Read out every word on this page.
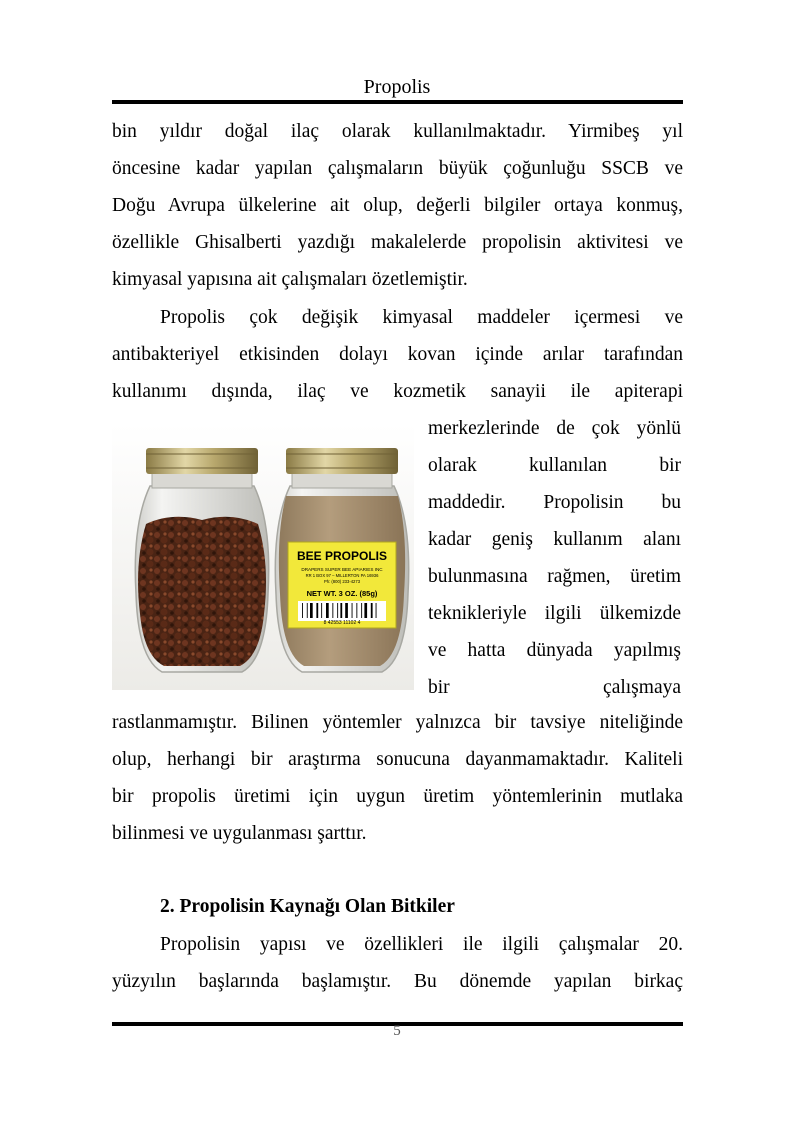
Propolis
bin yıldır doğal ilaç olarak kullanılmaktadır. Yirmibeş yıl
öncesine kadar yapılan çalışmaların büyük çoğunluğu SSCB ve
Doğu Avrupa ülkelerine ait olup, değerli bilgiler ortaya konmuş,
özellikle Ghisalberti yazdığı makalelerde propolisin aktivitesi ve
kimyasal yapısına ait çalışmaları özetlemiştir.
Propolis çok değişik kimyasal maddeler içermesi ve
antibakteriyel etkisinden dolayı kovan içinde arılar tarafından
kullanımı dışında, ilaç ve kozmetik sanayii ile apiterapi
merkezlerinde de çok yönlü
olarak kullanılan bir
maddedir. Propolisin bu
kadar geniş kullanım alanı
bulunmasına rağmen, üretim
teknikleriyle ilgili ülkemizde
ve hatta dünyada yapılmış
bir çalışmaya
rastlanmamıştır. Bilinen yöntemler yalnızca bir tavsiye niteliğinde
olup, herhangi bir araştırma sonucuna dayanmamaktadır. Kaliteli
bir propolis üretimi için uygun üretim yöntemlerinin mutlaka
bilinmesi ve uygulanması şarttır.
2. Propolisin Kaynağı Olan Bitkiler
Propolisin yapısı ve özellikleri ile ilgili çalışmalar 20.
yüzyılın başlarında başlamıştır. Bu dönemde yapılan birkaç
BEE PROPOLIS
DRAPERS SUPER BEE APIARIES INC
RR 1 BOX 97 – MILLERTON PA 16936
Ph: (800) 233-4273
NET WT. 3 OZ. (85g)
8 42553 11102 4
5
